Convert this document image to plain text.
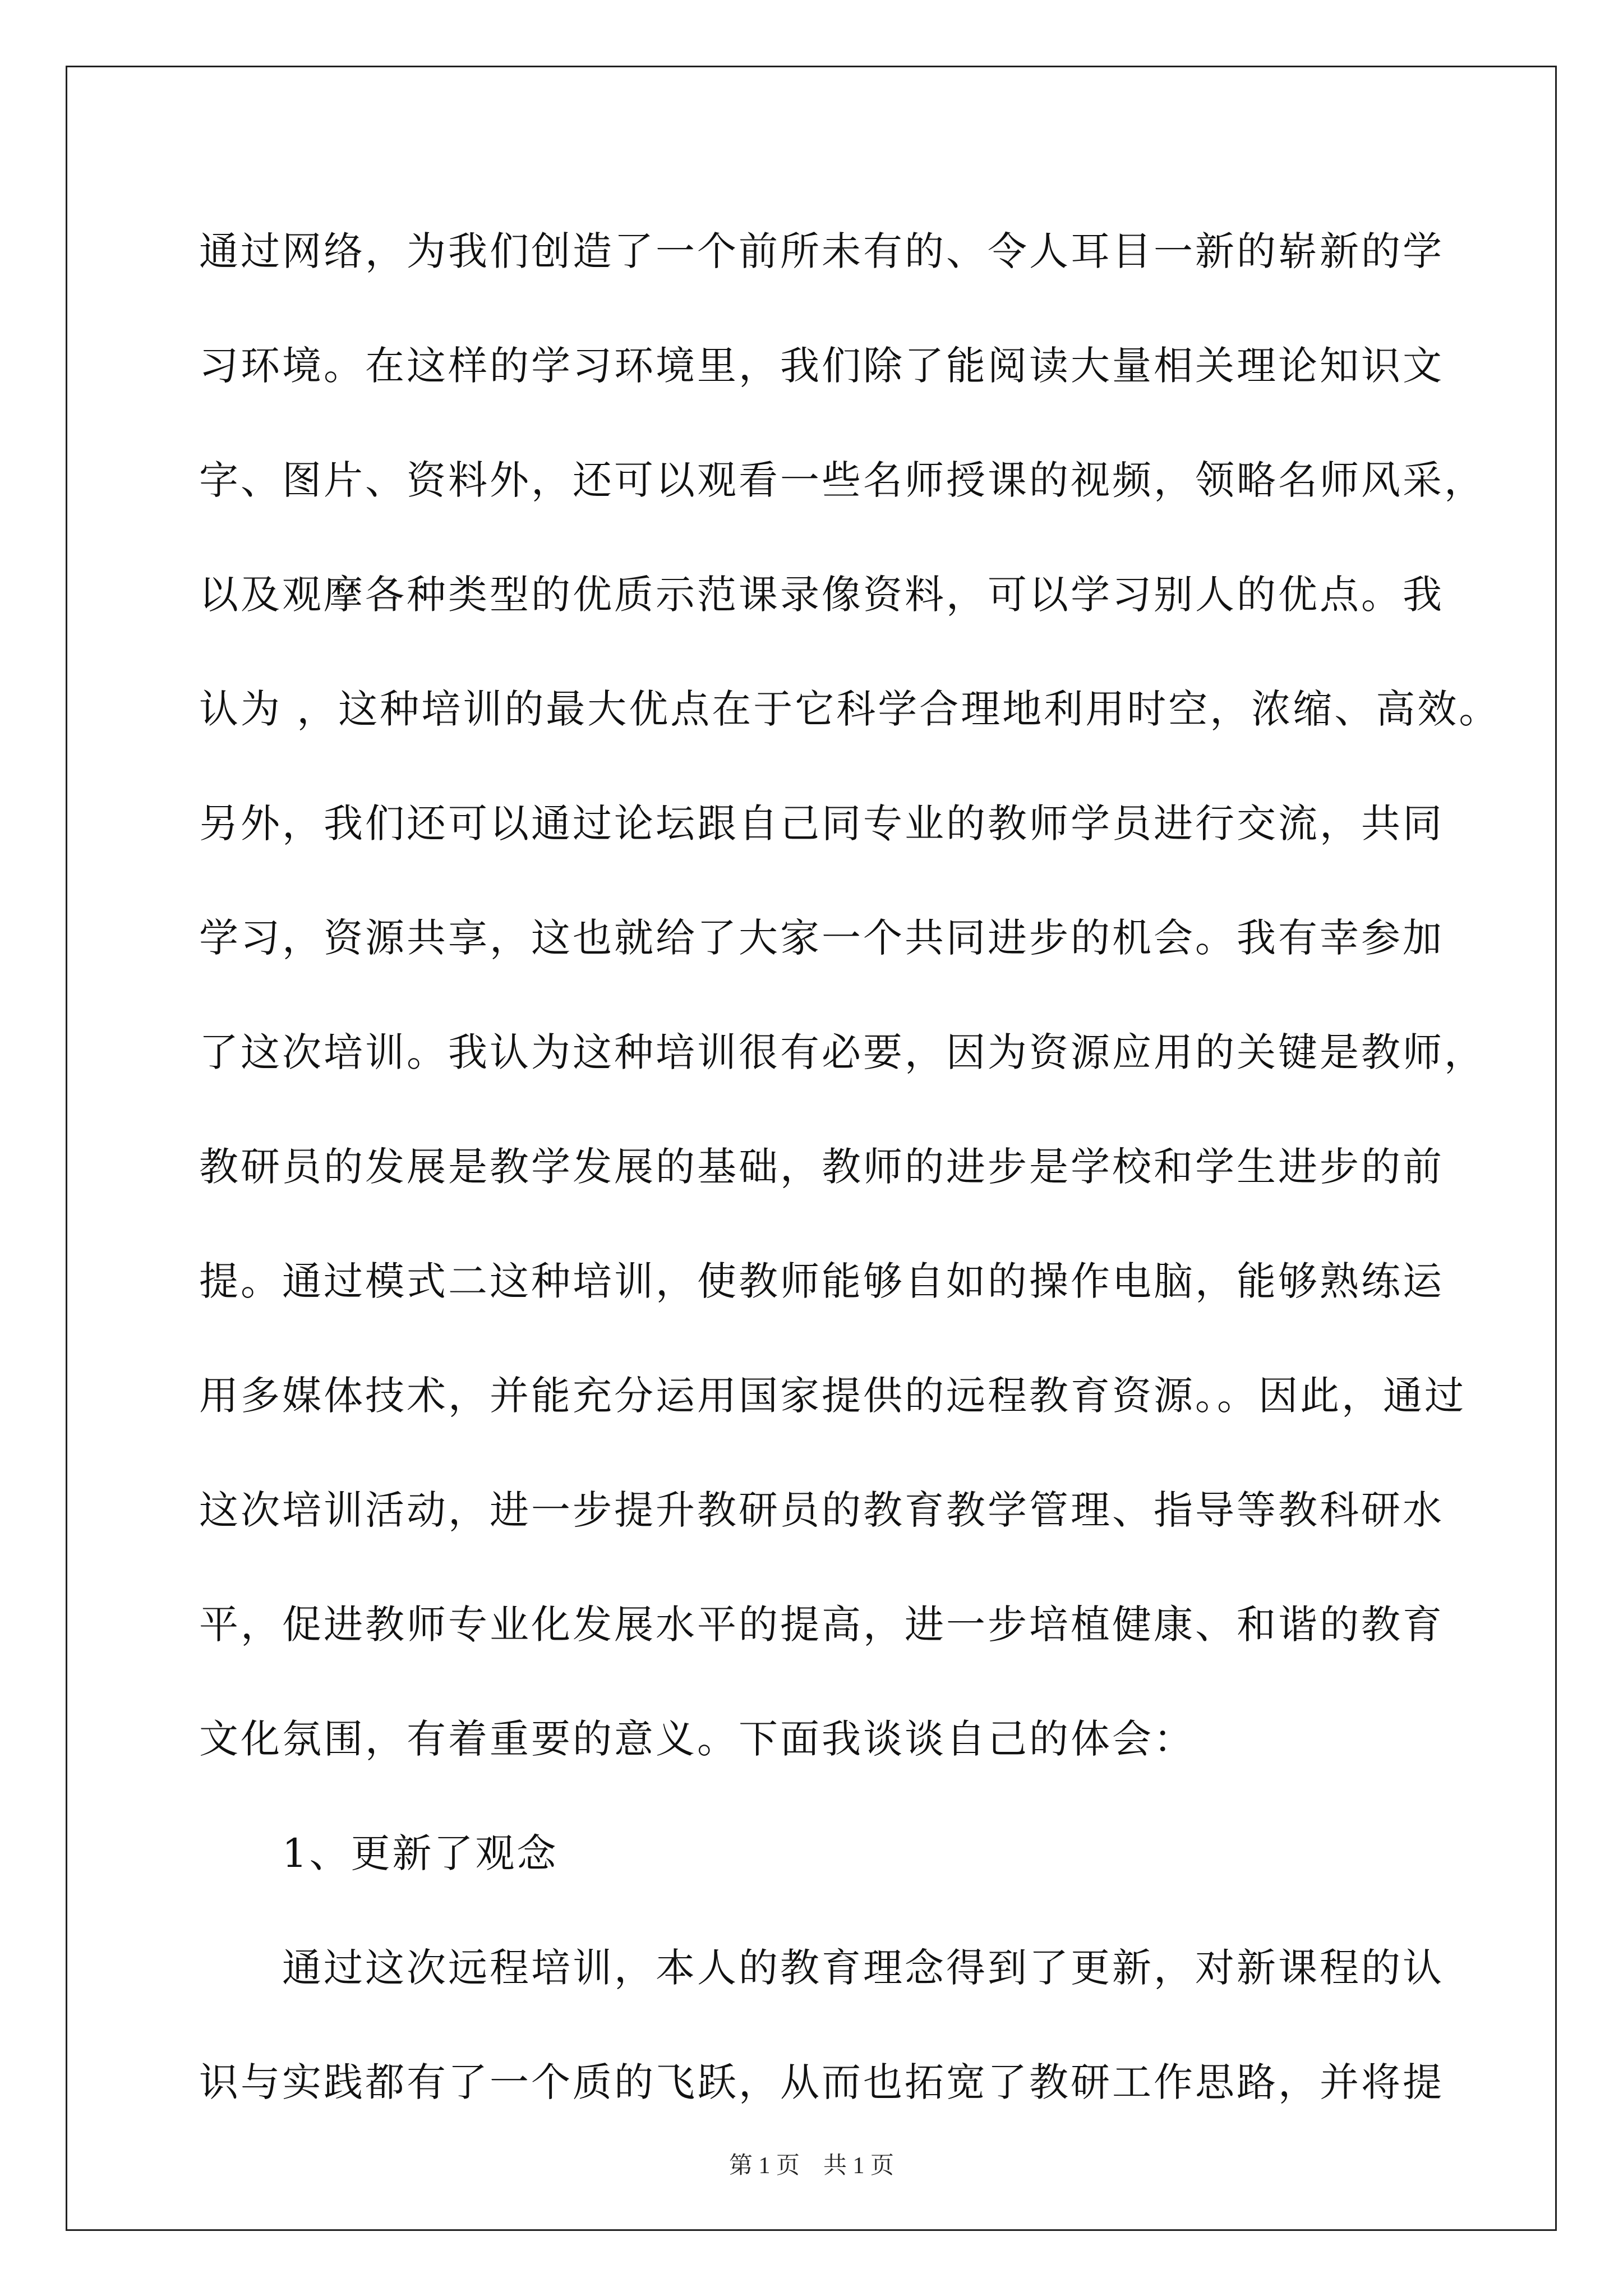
通过网络，为我们创造了一个前所未有的、令人耳目一新的崭新的学
习环境。在这样的学习环境里，我们除了能阅读大量相关理论知识文
字、图片、资料外，还可以观看一些名师授课的视频，领略名师风采，
以及观摩各种类型的优质示范课录像资料，可以学习别人的优点。我
认为 ，这种培训的最大优点在于它科学合理地利用时空，浓缩、高效。
另外，我们还可以通过论坛跟自己同专业的教师学员进行交流，共同
学习，资源共享，这也就给了大家一个共同进步的机会。我有幸参加
了这次培训。我认为这种培训很有必要，因为资源应用的关键是教师，
教研员的发展是教学发展的基础，教师的进步是学校和学生进步的前
提。通过模式二这种培训，使教师能够自如的操作电脑，能够熟练运
用多媒体技术，并能充分运用国家提供的远程教育资源。。因此，通过
这次培训活动，进一步提升教研员的教育教学管理、指导等教科研水
平，促进教师专业化发展水平的提高，进一步培植健康、和谐的教育
文化氛围，有着重要的意义。下面我谈谈自己的体会：
1、更新了观念
通过这次远程培训，本人的教育理念得到了更新，对新课程的认
识与实践都有了一个质的飞跃，从而也拓宽了教研工作思路，并将提
第 1 页    共 1 页
